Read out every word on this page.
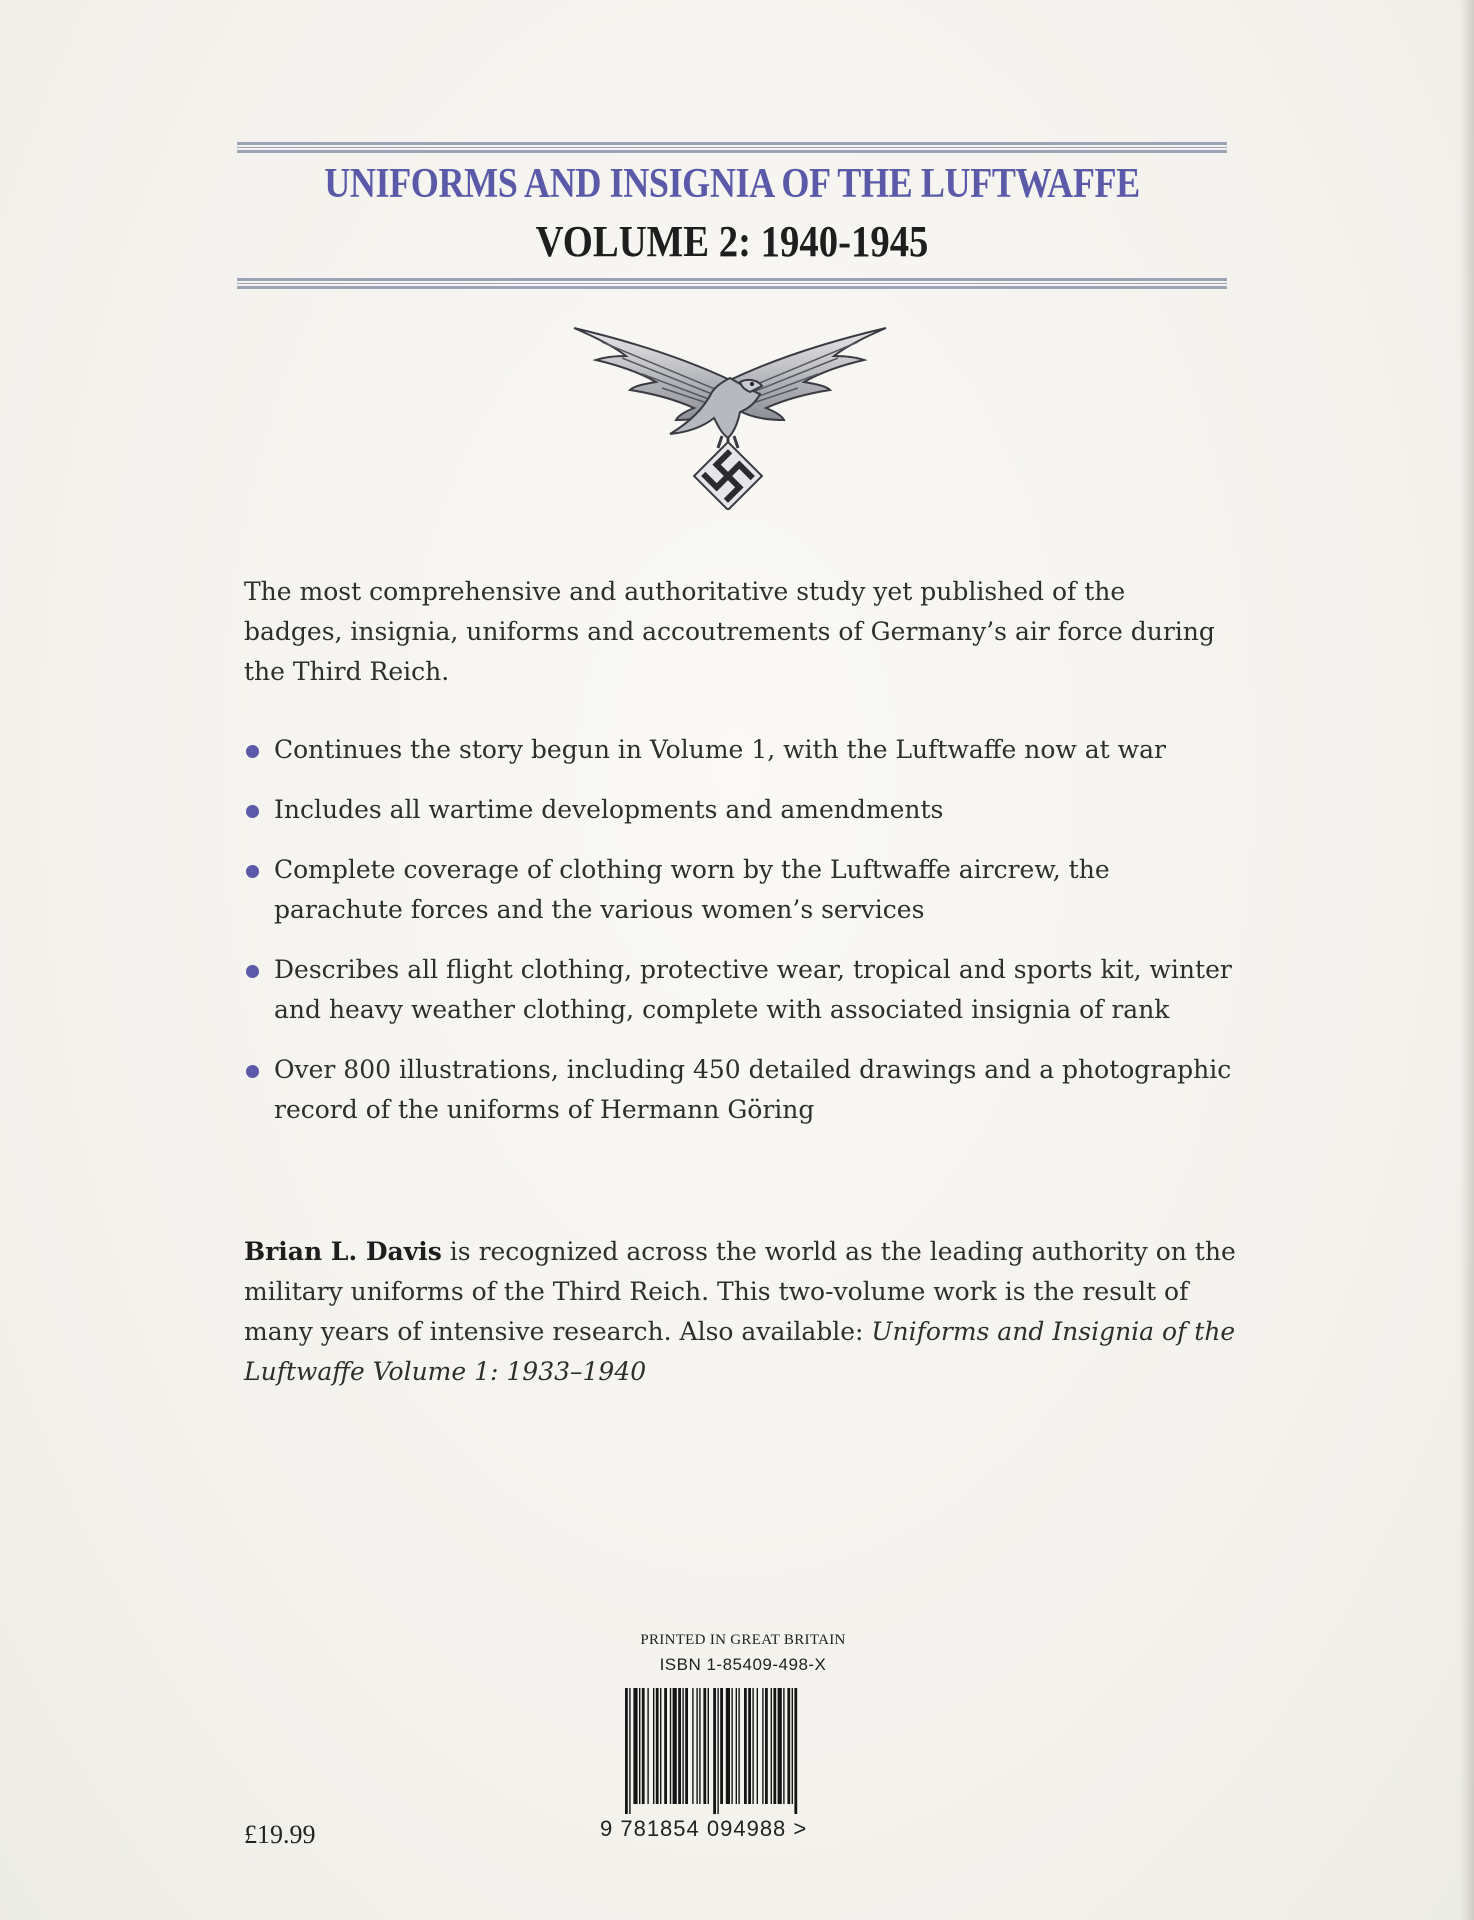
UNIFORMS AND INSIGNIA OF THE LUFTWAFFE
VOLUME 2: 1940-1945

The most comprehensive and authoritative study yet published of the badges, insignia, uniforms and accoutrements of Germany’s air force during the Third Reich.

Continues the story begun in Volume 1, with the Luftwaffe now at war
Includes all wartime developments and amendments
Complete coverage of clothing worn by the Luftwaffe aircrew, the parachute forces and the various women’s services
Describes all flight clothing, protective wear, tropical and sports kit, winter and heavy weather clothing, complete with associated insignia of rank
Over 800 illustrations, including 450 detailed drawings and a photographic record of the uniforms of Hermann Göring

Brian L. Davis is recognized across the world as the leading authority on the military uniforms of the Third Reich. This two-volume work is the result of many years of intensive research. Also available: Uniforms and Insignia of the Luftwaffe Volume 1: 1933–1940

PRINTED IN GREAT BRITAIN
ISBN 1-85409-498-X
9 781854 094988 >
£19.99
